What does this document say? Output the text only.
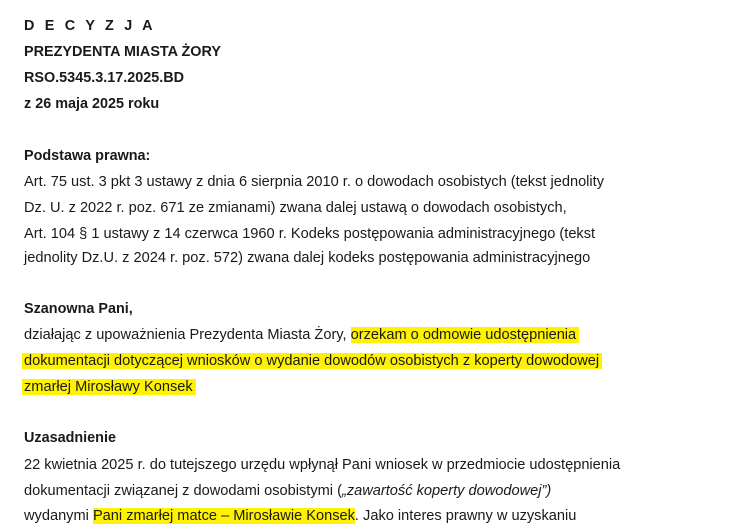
D E C Y Z J A
PREZYDENTA MIASTA ŻORY
RSO.5345.3.17.2025.BD
z 26 maja 2025 roku
Podstawa prawna:
Art. 75 ust. 3 pkt 3 ustawy z dnia 6 sierpnia 2010 r. o dowodach osobistych (tekst jednolity
Dz. U. z 2022 r. poz. 671 ze zmianami) zwana dalej ustawą o dowodach osobistych,
Art. 104 § 1 ustawy z 14 czerwca 1960 r. Kodeks postępowania administracyjnego (tekst
jednolity Dz.U. z 2024 r. poz. 572) zwana dalej kodeks postępowania administracyjnego
Szanowna Pani,
działając z upoważnienia Prezydenta Miasta Żory, orzekam o odmowie udostępnienia
dokumentacji dotyczącej wniosków o wydanie dowodów osobistych z koperty dowodowej
zmarłej Mirosławy Konsek
Uzasadnienie
22 kwietnia 2025 r. do tutejszego urzędu wpłynął Pani wniosek w przedmiocie udostępnienia
dokumentacji związanej z dowodami osobistymi („zawartość koperty dowodowej”)
wydanymi Pani zmarłej matce – Mirosławie Konsek. Jako interes prawny w uzyskaniu
